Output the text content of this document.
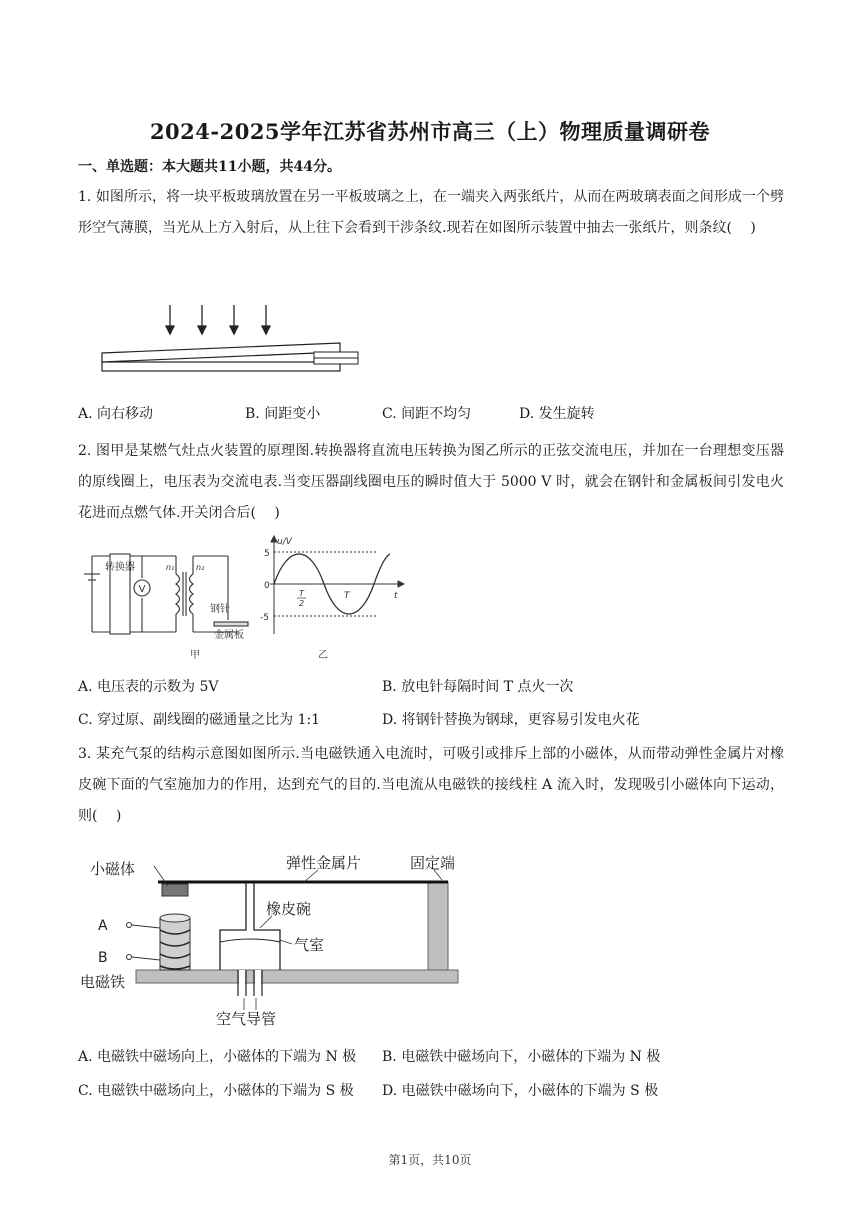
2024-2025学年江苏省苏州市高三（上）物理质量调研卷
一、单选题：本大题共11小题，共44分。
1. 如图所示，将一块平板玻璃放置在另一平板玻璃之上，在一端夹入两张纸片，从而在两玻璃表面之间形成一个劈形空气薄膜，当光从上方入射后，从上往下会看到干涉条纹.现若在如图所示装置中抽去一张纸片，则条纹(　 )
A. 向右移动	B. 间距变小	C. 间距不均匀	D. 发生旋转
2. 图甲是某燃气灶点火装置的原理图.转换器将直流电压转换为图乙所示的正弦交流电压，并加在一台理想变压器的原线圈上，电压表为交流电表.当变压器副线圈电压的瞬时值大于 5000 V 时，就会在钢针和金属板间引发电火花进而点燃气体.开关闭合后(　 )
转换器
V
n₁	n₂
钢针
金属板
甲
u/V
t
5
0
-5
T
2
T
乙
A. 电压表的示数为 5V	B. 放电针每隔时间 T 点火一次
C. 穿过原、副线圈的磁通量之比为 1:1	D. 将钢针替换为钢球，更容易引发电火花
3. 某充气泵的结构示意图如图所示.当电磁铁通入电流时，可吸引或排斥上部的小磁体，从而带动弹性金属片对橡皮碗下面的气室施加力的作用，达到充气的目的.当电流从电磁铁的接线柱 A 流入时，发现吸引小磁体向下运动，则(　 )
弹性金属片	固定端
小磁体
橡皮碗
气室
A
B
电磁铁
空气导管
A. 电磁铁中磁场向上，小磁体的下端为 N 极 B. 电磁铁中磁场向下，小磁体的下端为 N 极
C. 电磁铁中磁场向上，小磁体的下端为 S 极 D. 电磁铁中磁场向下，小磁体的下端为 S 极
第1页，共10页
